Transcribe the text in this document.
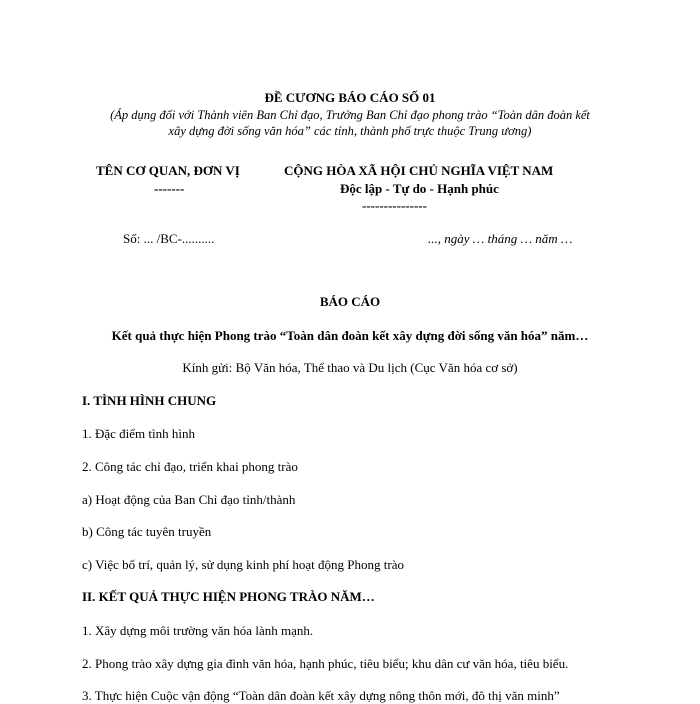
ĐỀ CƯƠNG BÁO CÁO SỐ 01
(Áp dụng đối với Thành viên Ban Chỉ đạo, Trưởng Ban Chỉ đạo phong trào “Toàn dân đoàn kết
xây dựng đời sống văn hóa” các tỉnh, thành phố trực thuộc Trung ương)
TÊN CƠ QUAN, ĐƠN VỊ
-------
Số: ... /BC-..........
CỘNG HÒA XÃ HỘI CHỦ NGHĨA VIỆT NAM
Độc lập - Tự do - Hạnh phúc
---------------
..., ngày … tháng … năm …
BÁO CÁO
Kết quả thực hiện Phong trào “Toàn dân đoàn kết xây dựng đời sống văn hóa” năm…
Kính gửi: Bộ Văn hóa, Thể thao và Du lịch (Cục Văn hóa cơ sở)
I. TÌNH HÌNH CHUNG
1. Đặc điểm tình hình
2. Công tác chỉ đạo, triển khai phong trào
a) Hoạt động của Ban Chỉ đạo tỉnh/thành
b) Công tác tuyên truyền
c) Việc bố trí, quản lý, sử dụng kinh phí hoạt động Phong trào
II. KẾT QUẢ THỰC HIỆN PHONG TRÀO NĂM…
1. Xây dựng môi trường văn hóa lành mạnh.
2. Phong trào xây dựng gia đình văn hóa, hạnh phúc, tiêu biểu; khu dân cư văn hóa, tiêu biểu.
3. Thực hiện Cuộc vận động “Toàn dân đoàn kết xây dựng nông thôn mới, đô thị văn minh”
